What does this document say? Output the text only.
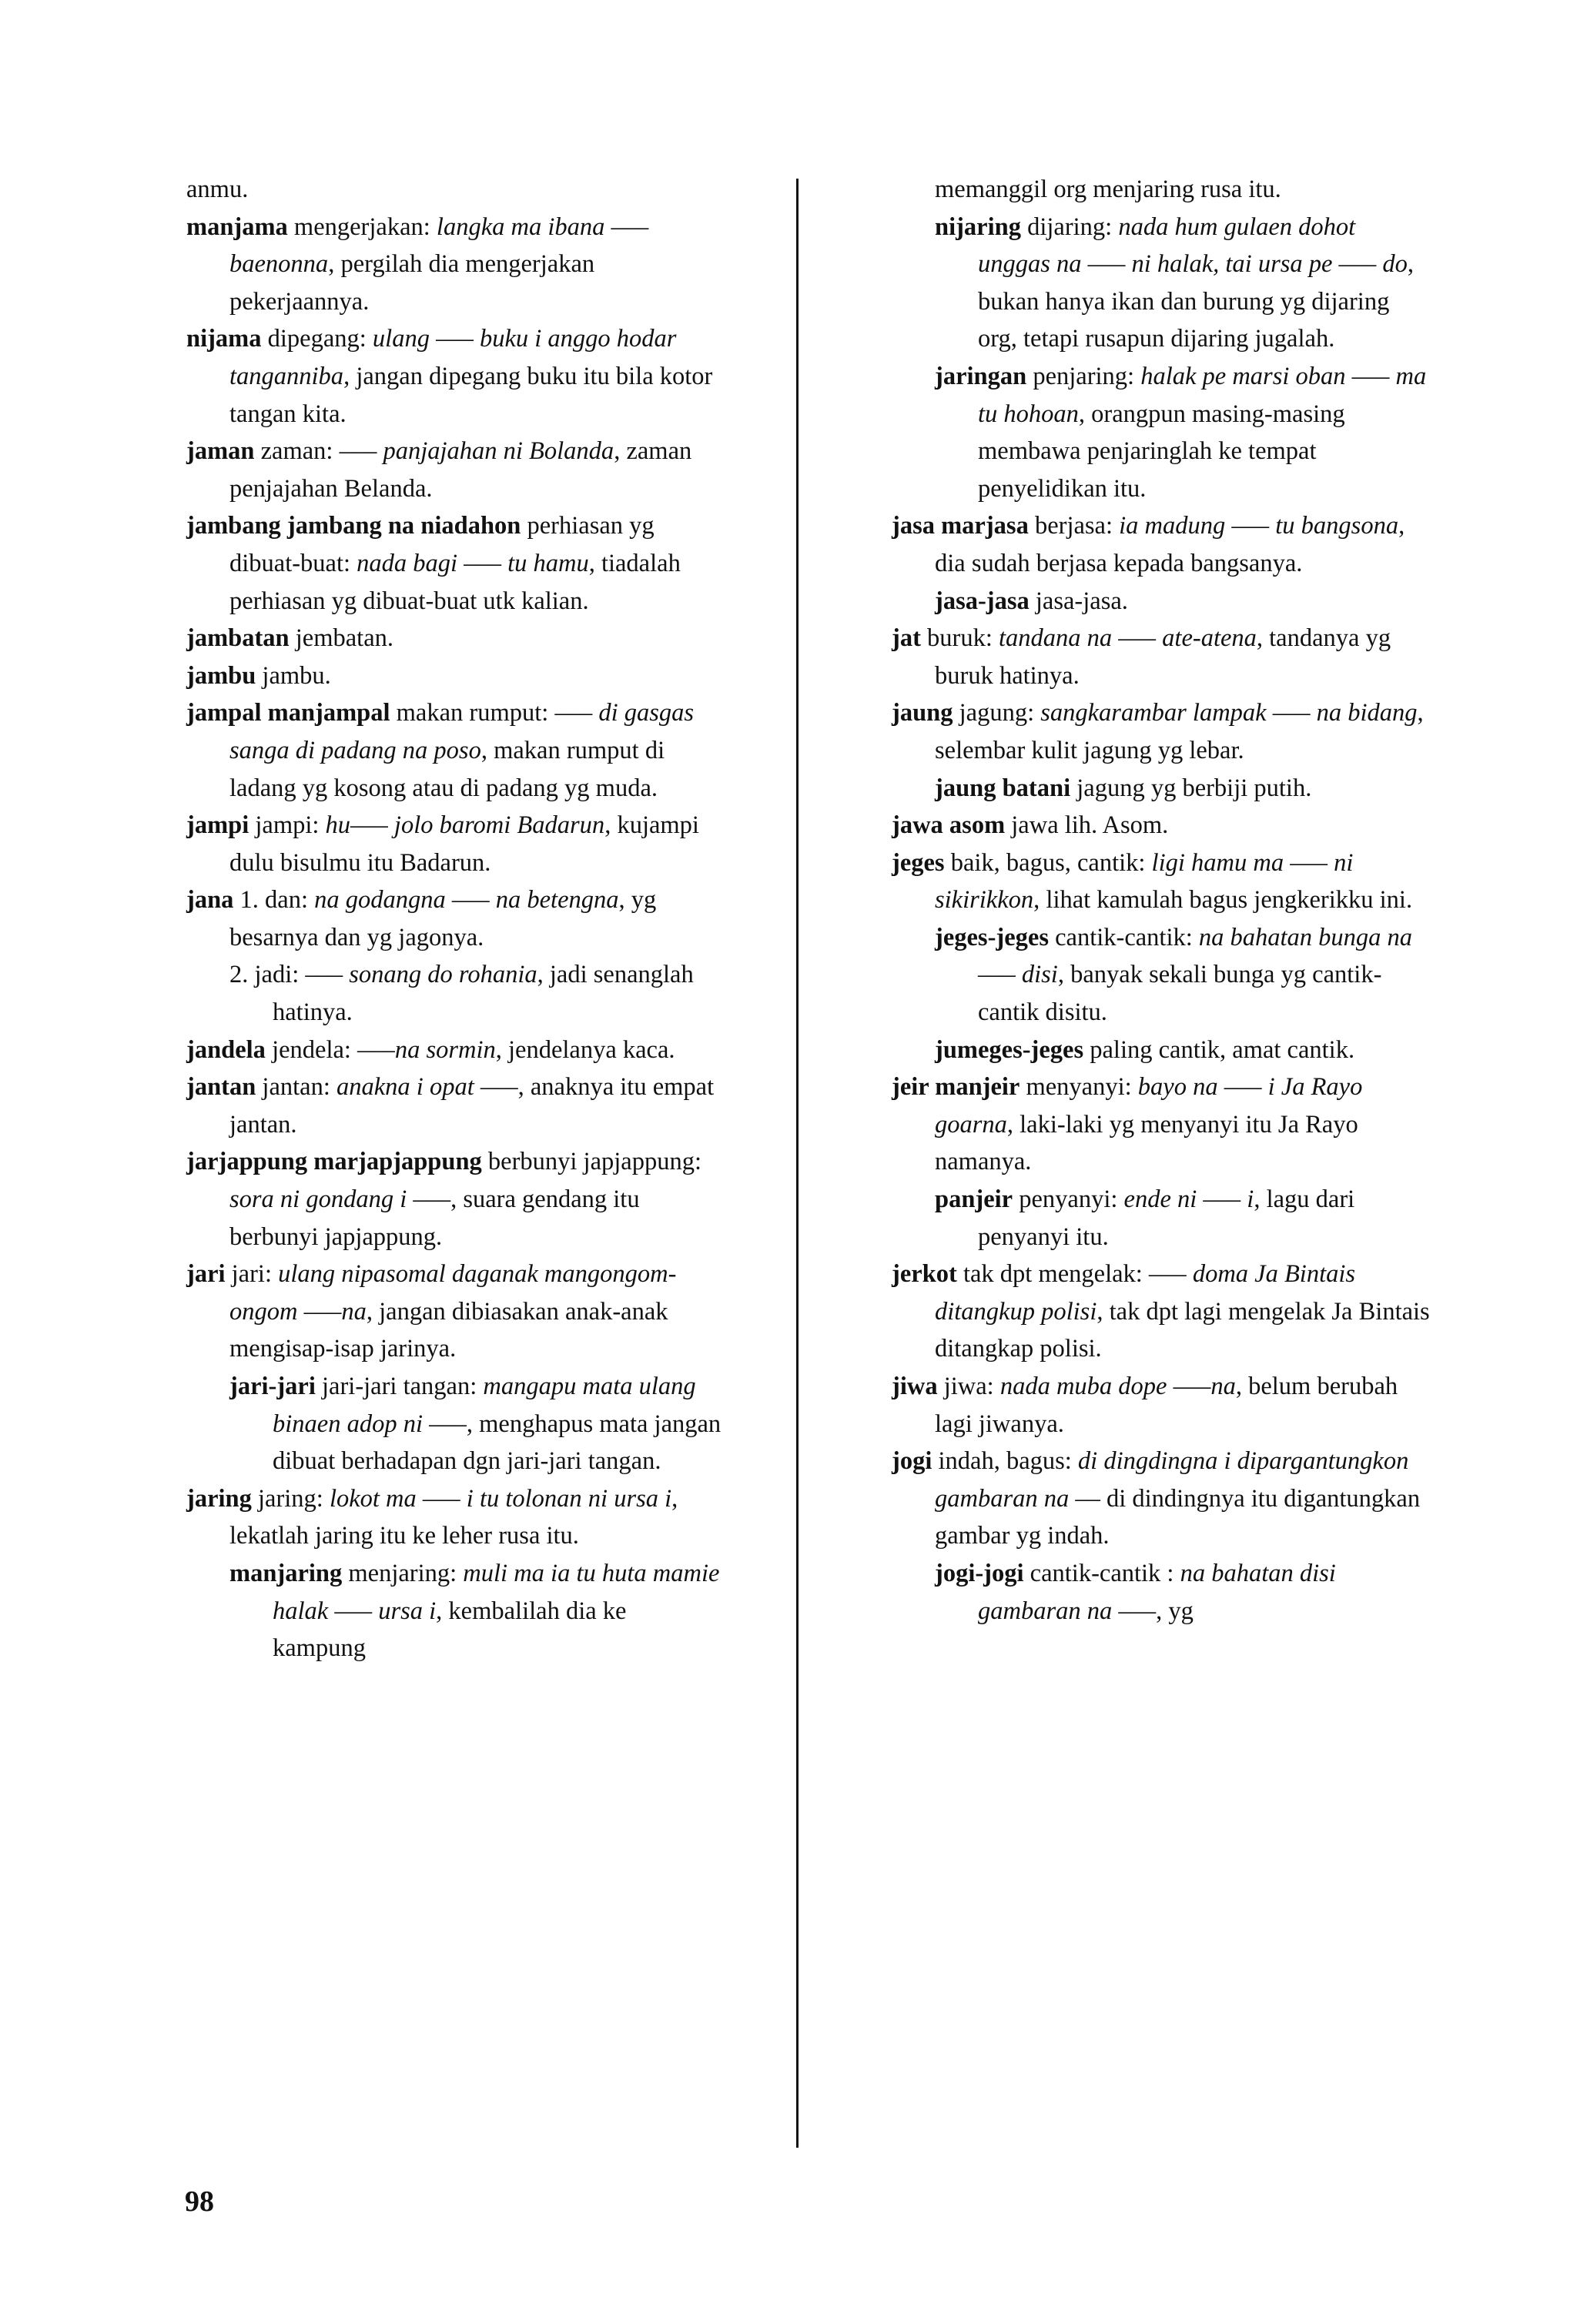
anmu.
manjama mengerjakan: langka ma ibana ––– baenonna, pergilah dia mengerjakan pekerjaannya.
nijama dipegang: ulang ––– buku i anggo hodar tanganniba, jangan dipegang buku itu bila kotor tangan kita.
jaman zaman: ––– panjajahan ni Bolanda, zaman penjajahan Belanda.
jambang jambang na niadahon perhiasan yg dibuat-buat: nada bagi ––– tu hamu, tiadalah perhiasan yg dibuat-buat utk kalian.
jambatan jembatan.
jambu jambu.
jampal manjampal makan rumput: ––– di gasgas sanga di padang na poso, makan rumput di ladang yg kosong atau di padang yg muda.
jampi jampi: hu––– jolo baromi Badarun, kujampi dulu bisulmu itu Badarun.
jana 1. dan: na godangna ––– na betengna, yg besarnya dan yg jagonya.
2. jadi: ––– sonang do rohania, jadi senanglah hatinya.
jandela jendela: –––na sormin, jendelanya kaca.
jantan jantan: anakna i opat –––, anaknya itu empat jantan.
jarjappung marjapjappung berbunyi japjappung: sora ni gondang i –––, suara gendang itu berbunyi japjappung.
jari jari: ulang nipasomal daganak mangongom-ongom –––na, jangan dibiasakan anak-anak mengisap-isap jarinya.
jari-jari jari-jari tangan: mangapu mata ulang binaen adop ni –––, menghapus mata jangan dibuat berhadapan dgn jari-jari tangan.
jaring jaring: lokot ma ––– i tu tolonan ni ursa i, lekatlah jaring itu ke leher rusa itu.
manjaring menjaring: muli ma ia tu huta mamie halak ––– ursa i, kembalilah dia ke kampung
memanggil org menjaring rusa itu.
nijaring dijaring: nada hum gulaen dohot unggas na ––– ni halak, tai ursa pe ––– do, bukan hanya ikan dan burung yg dijaring org, tetapi rusapun dijaring jugalah.
jaringan penjaring: halak pe marsi oban ––– ma tu hohoan, orangpun masing-masing membawa penjaringlah ke tempat penyelidikan itu.
jasa marjasa berjasa: ia madung ––– tu bangsona, dia sudah berjasa kepada bangsanya.
jasa-jasa jasa-jasa.
jat buruk: tandana na ––– ate-atena, tandanya yg buruk hatinya.
jaung jagung: sangkarambar lampak ––– na bidang, selembar kulit jagung yg lebar.
jaung batani jagung yg berbiji putih.
jawa asom jawa lih. Asom.
jeges baik, bagus, cantik: ligi hamu ma ––– ni sikirikkon, lihat kamulah bagus jengkerikku ini.
jeges-jeges cantik-cantik: na bahatan bunga na ––– disi, banyak sekali bunga yg cantik-cantik disitu.
jumeges-jeges paling cantik, amat cantik.
jeir manjeir menyanyi: bayo na ––– i Ja Rayo goarna, laki-laki yg menyanyi itu Ja Rayo namanya.
panjeir penyanyi: ende ni ––– i, lagu dari penyanyi itu.
jerkot tak dpt mengelak: ––– doma Ja Bintais ditangkup polisi, tak dpt lagi mengelak Ja Bintais ditangkap polisi.
jiwa jiwa: nada muba dope –––na, belum berubah lagi jiwanya.
jogi indah, bagus: di dingdingna i dipargantungkon gambaran na –– di dindingnya itu digantungkan gambar yg indah.
jogi-jogi cantik-cantik : na bahatan disi gambaran na –––, yg
98
